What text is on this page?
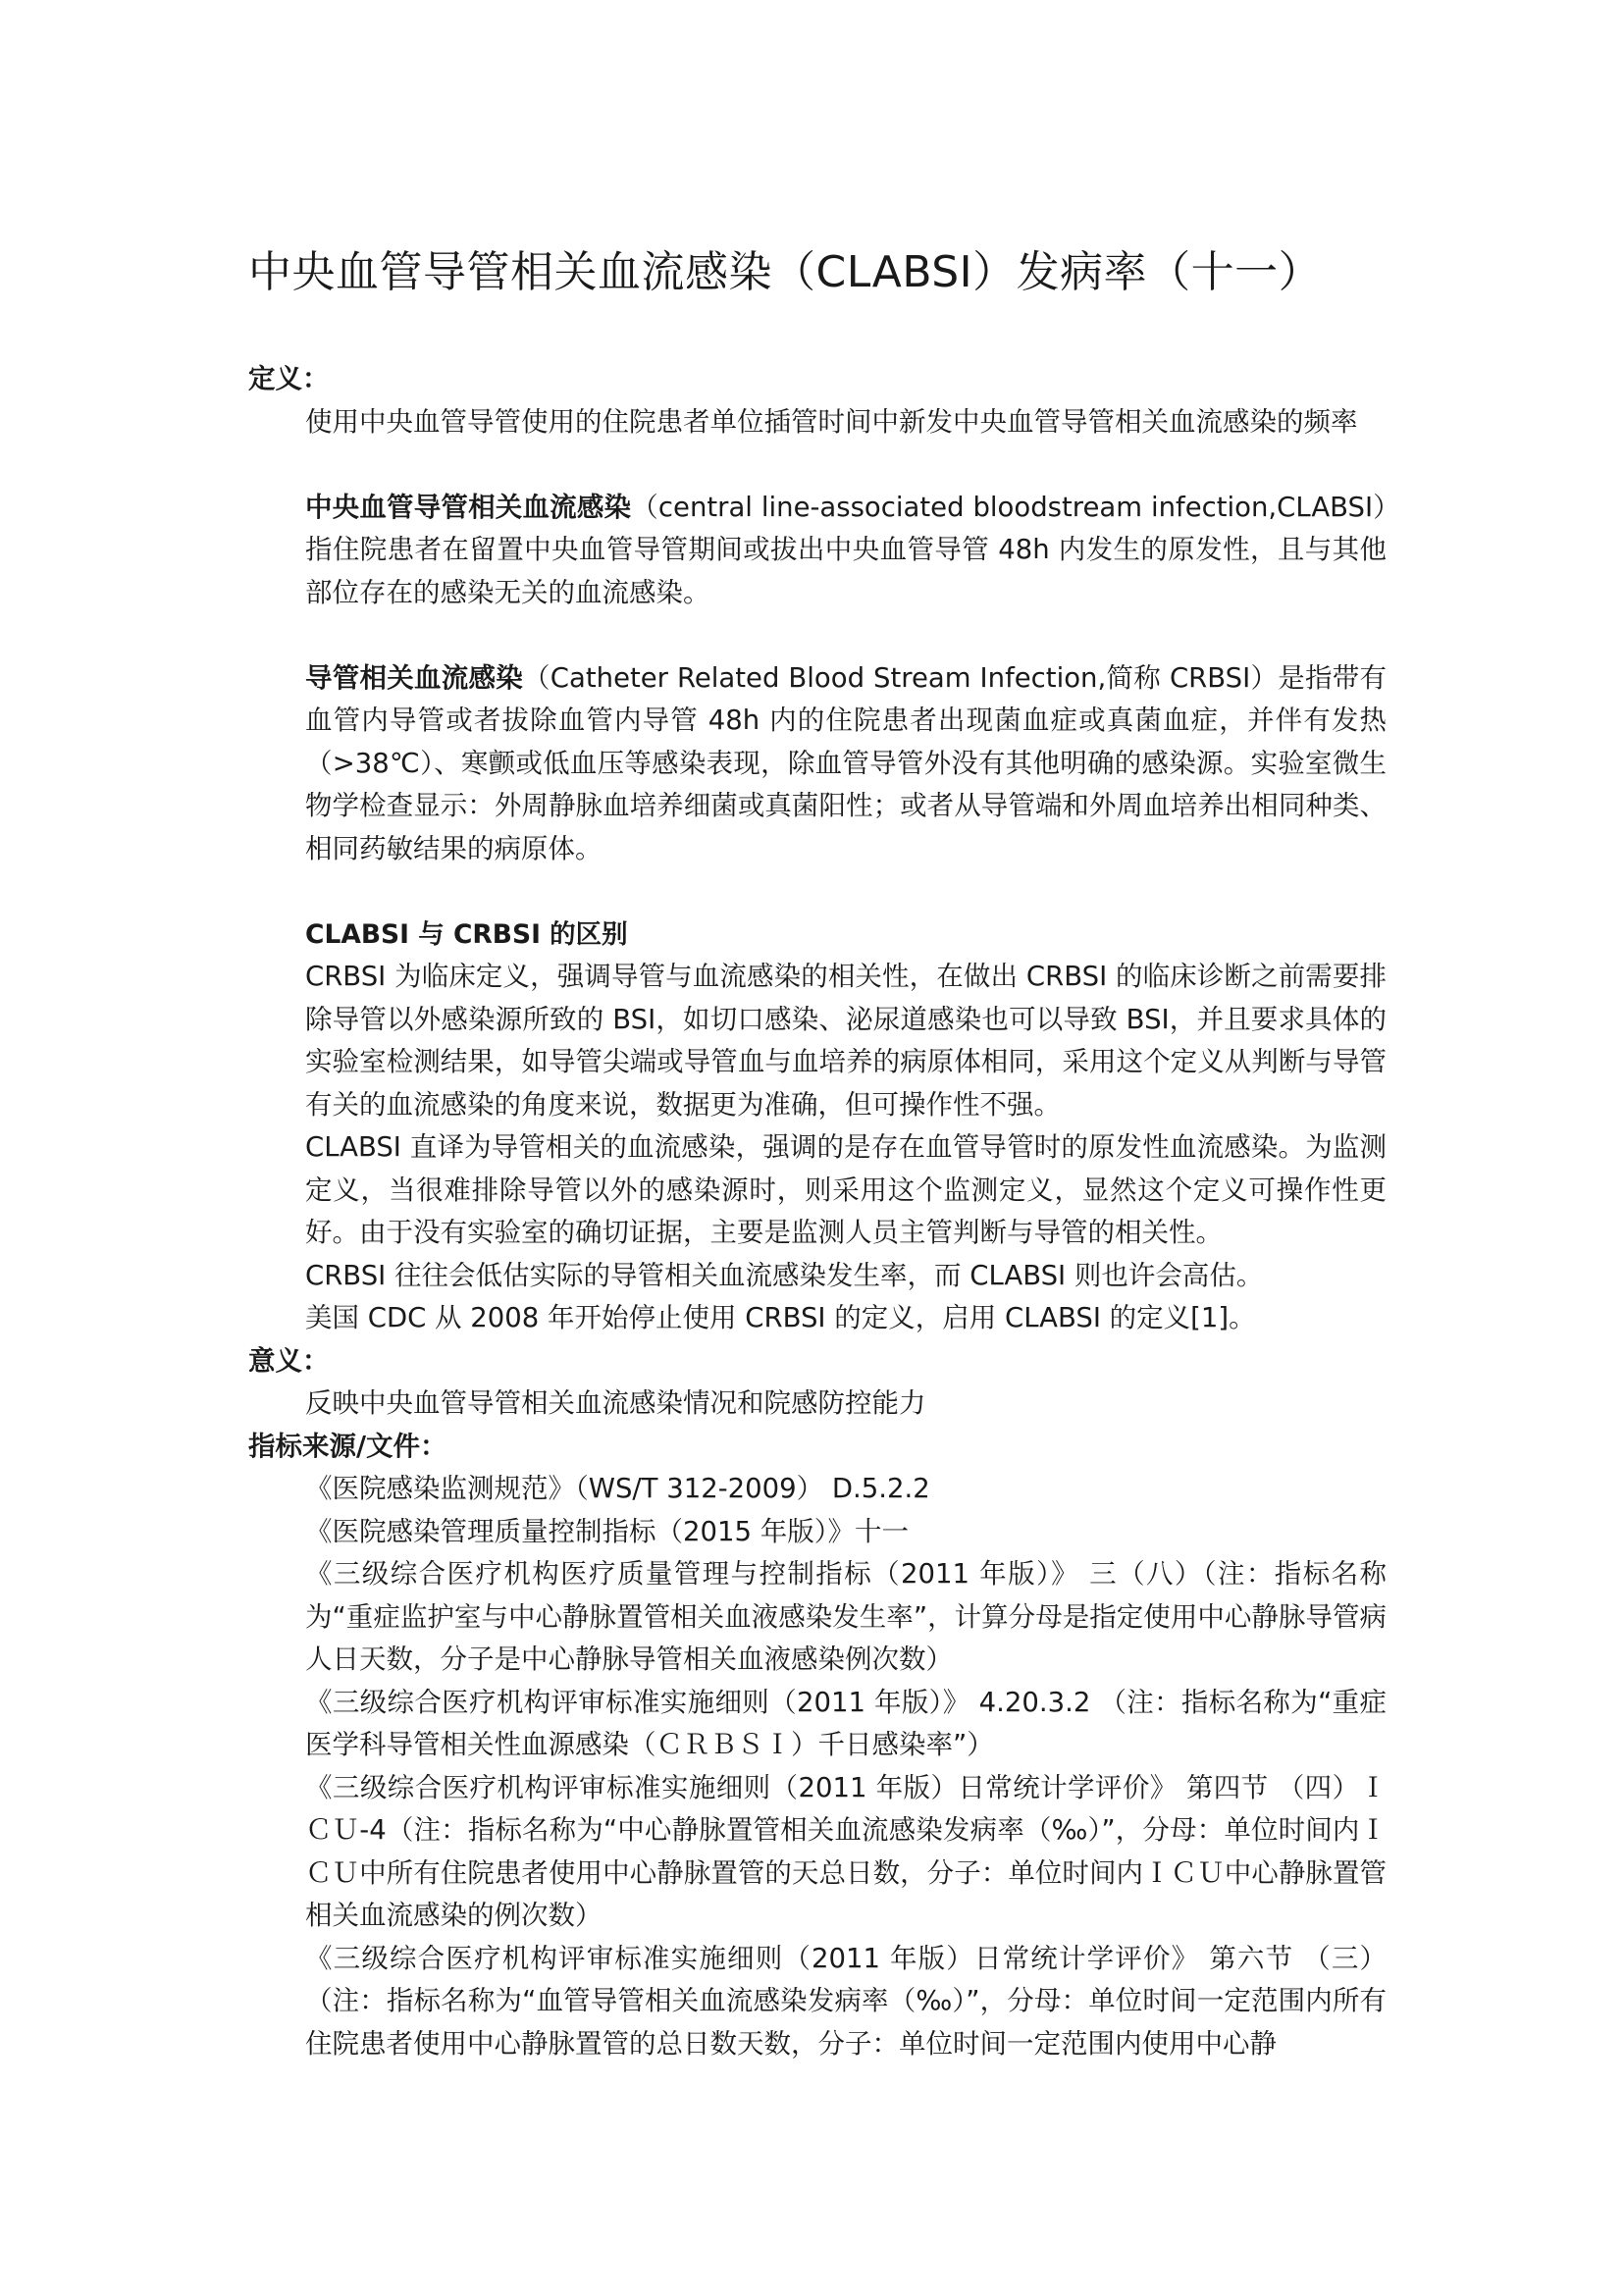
中央血管导管相关血流感染（CLABSI）发病率（十一）
定义：

使用中央血管导管使用的住院患者单位插管时间中新发中央血管导管相关血流感染的频率

中央血管导管相关血流感染（central line-associated bloodstream infection,CLABSI）指住院患者在留置中央血管导管期间或拔出中央血管导管 48h 内发生的原发性，且与其他部位存在的感染无关的血流感染。

导管相关血流感染（Catheter Related Blood Stream Infection,简称 CRBSI）是指带有血管内导管或者拔除血管内导管 48h 内的住院患者出现菌血症或真菌血症，并伴有发热（>38℃）、寒颤或低血压等感染表现，除血管导管外没有其他明确的感染源。实验室微生物学检查显示：外周静脉血培养细菌或真菌阳性；或者从导管端和外周血培养出相同种类、相同药敏结果的病原体。

CLABSI 与 CRBSI 的区别

CRBSI 为临床定义，强调导管与血流感染的相关性，在做出 CRBSI 的临床诊断之前需要排除导管以外感染源所致的 BSI，如切口感染、泌尿道感染也可以导致 BSI，并且要求具体的实验室检测结果，如导管尖端或导管血与血培养的病原体相同，采用这个定义从判断与导管有关的血流感染的角度来说，数据更为准确，但可操作性不强。

CLABSI 直译为导管相关的血流感染，强调的是存在血管导管时的原发性血流感染。为监测定义，当很难排除导管以外的感染源时，则采用这个监测定义，显然这个定义可操作性更好。由于没有实验室的确切证据，主要是监测人员主管判断与导管的相关性。

CRBSI 往往会低估实际的导管相关血流感染发生率，而 CLABSI 则也许会高估。

美国 CDC 从 2008 年开始停止使用 CRBSI 的定义，启用 CLABSI 的定义[1]。

意义：

反映中央血管导管相关血流感染情况和院感防控能力

指标来源/文件：

《医院感染监测规范》（WS/T 312-2009） D.5.2.2

《医院感染管理质量控制指标（2015 年版）》十一

《三级综合医疗机构医疗质量管理与控制指标（2011 年版）》 三（八）（注：指标名称为“重症监护室与中心静脉置管相关血液感染发生率”，计算分母是指定使用中心静脉导管病人日天数，分子是中心静脉导管相关血液感染例次数）

《三级综合医疗机构评审标准实施细则（2011 年版）》 4.20.3.2 （注：指标名称为“重症医学科导管相关性血源感染（ＣＲＢＳＩ）千日感染率”）

《三级综合医疗机构评审标准实施细则（2011 年版）日常统计学评价》 第四节 （四）ＩＣＵ-4（注：指标名称为“中心静脉置管相关血流感染发病率（‰）”，分母：单位时间内ＩＣＵ中所有住院患者使用中心静脉置管的天总日数，分子：单位时间内ＩＣＵ中心静脉置管相关血流感染的例次数）

《三级综合医疗机构评审标准实施细则（2011 年版）日常统计学评价》 第六节 （三）（注：指标名称为“血管导管相关血流感染发病率（‰）”，分母：单位时间一定范围内所有住院患者使用中心静脉置管的总日数天数，分子：单位时间一定范围内使用中心静
